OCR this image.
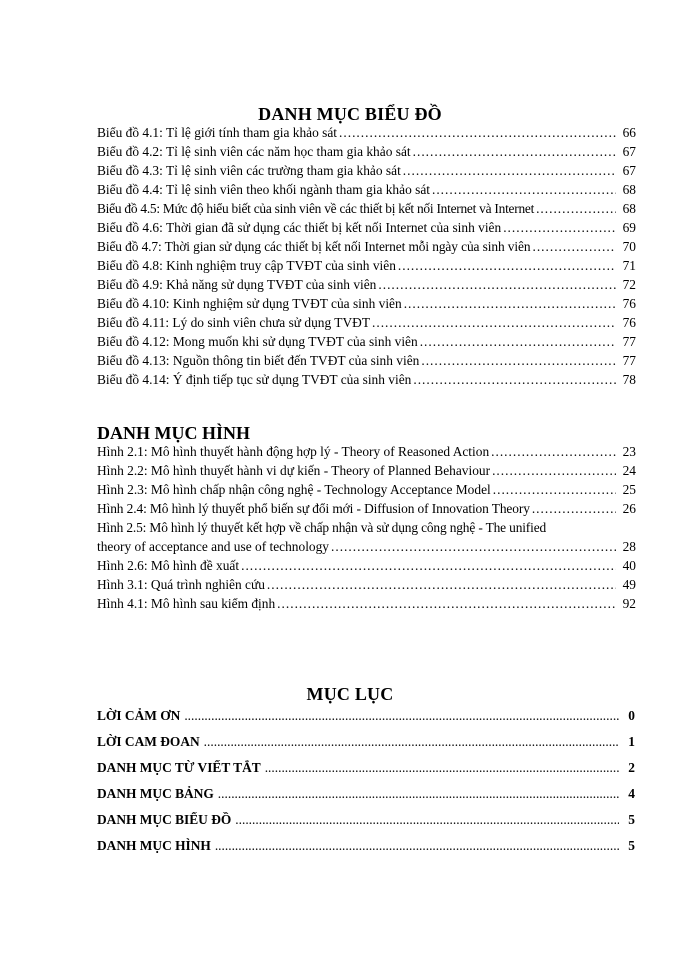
DANH MỤC BIỂU ĐỒ
Biểu đồ 4.1: Tỉ lệ giới tính tham gia khảo sát .....	66
Biểu đồ 4.2: Tỉ lệ sinh viên các năm học tham gia khảo sát .....	67
Biểu đồ 4.3: Tỉ lệ sinh viên các trường tham gia khảo sát .....	67
Biểu đồ 4.4: Tỉ lệ sinh viên theo khối ngành tham gia khảo sát .....	68
Biểu đồ 4.5: Mức độ hiểu biết của sinh viên về các thiết bị kết nối Internet và Internet .....	68
Biểu đồ 4.6: Thời gian đã sử dụng các thiết bị kết nối Internet của sinh viên .....	69
Biểu đồ 4.7: Thời gian sử dụng các thiết bị kết nối Internet mỗi ngày của sinh viên .....	70
Biểu đồ 4.8: Kinh nghiệm truy cập TVĐT của sinh viên .....	71
Biểu đồ 4.9: Khả năng sử dụng TVĐT của sinh viên .....	72
Biểu đồ 4.10: Kinh nghiệm sử dụng TVĐT của sinh viên .....	76
Biểu đồ 4.11: Lý do sinh viên chưa sử dụng TVĐT .....	76
Biểu đồ 4.12: Mong muốn khi sử dụng TVĐT của sinh viên .....	77
Biểu đồ 4.13: Nguồn thông tin biết đến TVĐT của sinh viên .....	77
Biểu đồ 4.14: Ý định tiếp tục sử dụng TVĐT của sinh viên .....	78
DANH MỤC HÌNH
Hình 2.1: Mô hình thuyết hành động hợp lý - Theory of Reasoned Action .....	23
Hình 2.2: Mô hình thuyết hành vi dự kiến - Theory of Planned Behaviour .....	24
Hình 2.3: Mô hình chấp nhận công nghệ - Technology Acceptance Model .....	25
Hình 2.4: Mô hình lý thuyết phổ biến sự đổi mới - Diffusion of Innovation Theory .....	26
Hình 2.5: Mô hình lý thuyết kết hợp về chấp nhận và sử dụng công nghệ - The unified
theory of acceptance and use of technology .....	28
Hình 2.6: Mô hình đề xuất .....	40
Hình 3.1: Quá trình nghiên cứu .....	49
Hình 4.1: Mô hình sau kiểm định .....	92
MỤC LỤC
LỜI CẢM ƠN .....	0
LỜI CAM ĐOAN .....	1
DANH MỤC TỪ VIẾT TẮT .....	2
DANH MỤC BẢNG .....	4
DANH MỤC BIỂU ĐỒ .....	5
DANH MỤC HÌNH .....	5
